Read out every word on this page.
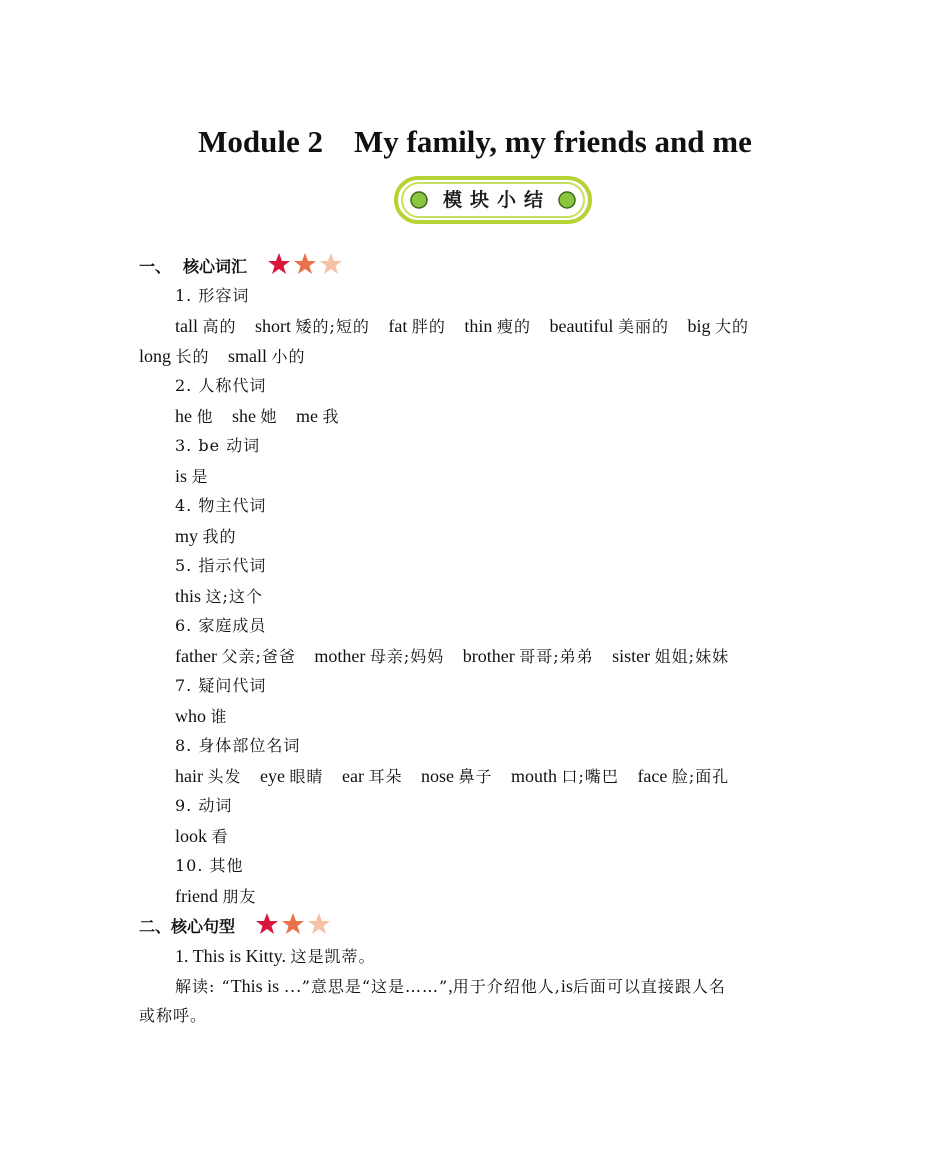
Module 2    My family, my friends and me
模块小结
一、 核心词汇
1. 形容词
tall 高的 short 矮的;短的 fat 胖的 thin 瘦的 beautiful 美丽的 big 大的
long 长的 small 小的
2. 人称代词
he 他 she 她 me 我
3. be 动词
is 是
4. 物主代词
my 我的
5. 指示代词
this 这;这个
6. 家庭成员
father 父亲;爸爸 mother 母亲;妈妈 brother 哥哥;弟弟 sister 姐姐;妹妹
7. 疑问代词
who 谁
8. 身体部位名词
hair 头发 eye 眼睛 ear 耳朵 nose 鼻子 mouth 口;嘴巴 face 脸;面孔
9. 动词
look 看
10. 其他
friend 朋友
二、核心句型
1. This is Kitty. 这是凯蒂。
解读: “This is …”意思是“这是……”,用于介绍他人,is后面可以直接跟人名
或称呼。
